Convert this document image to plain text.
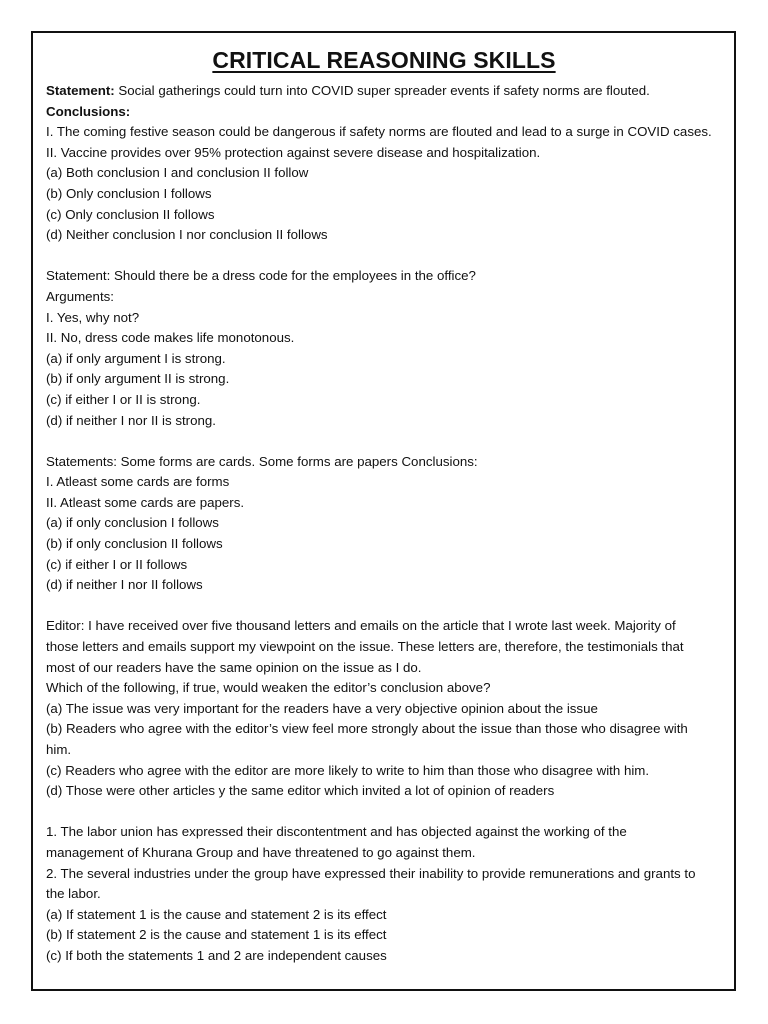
CRITICAL REASONING SKILLS
Statement: Social gatherings could turn into COVID super spreader events if safety norms are flouted.
Conclusions:
I. The coming festive season could be dangerous if safety norms are flouted and lead to a surge in COVID cases.
II. Vaccine provides over 95% protection against severe disease and hospitalization.
(a) Both conclusion I and conclusion II follow
(b) Only conclusion I follows
(c) Only conclusion II follows
(d) Neither conclusion I nor conclusion II follows
Statement: Should there be a dress code for the employees in the office?
Arguments:
I. Yes, why not?
II. No, dress code makes life monotonous.
(a) if only argument I is strong.
(b) if only argument II is strong.
(c) if either I or II is strong.
(d) if neither I nor II is strong.
Statements: Some forms are cards. Some forms are papers Conclusions:
I. Atleast some cards are forms
II. Atleast some cards are papers.
(a) if only conclusion I follows
(b) if only conclusion II follows
(c) if either I or II follows
(d) if neither I nor II follows
Editor: I have received over five thousand letters and emails on the article that I wrote last week. Majority of
those letters and emails support my viewpoint on the issue. These letters are, therefore, the testimonials that
most of our readers have the same opinion on the issue as I do.
Which of the following, if true, would weaken the editor’s conclusion above?
(a) The issue was very important for the readers have a very objective opinion about the issue
(b) Readers who agree with the editor’s view feel more strongly about the issue than those who disagree with
him.
(c) Readers who agree with the editor are more likely to write to him than those who disagree with him.
(d) Those were other articles y the same editor which invited a lot of opinion of readers
1. The labor union has expressed their discontentment and has objected against the working of the
management of Khurana Group and have threatened to go against them.
2. The several industries under the group have expressed their inability to provide remunerations and grants to
the labor.
(a) If statement 1 is the cause and statement 2 is its effect
(b) If statement 2 is the cause and statement 1 is its effect
(c) If both the statements 1 and 2 are independent causes
